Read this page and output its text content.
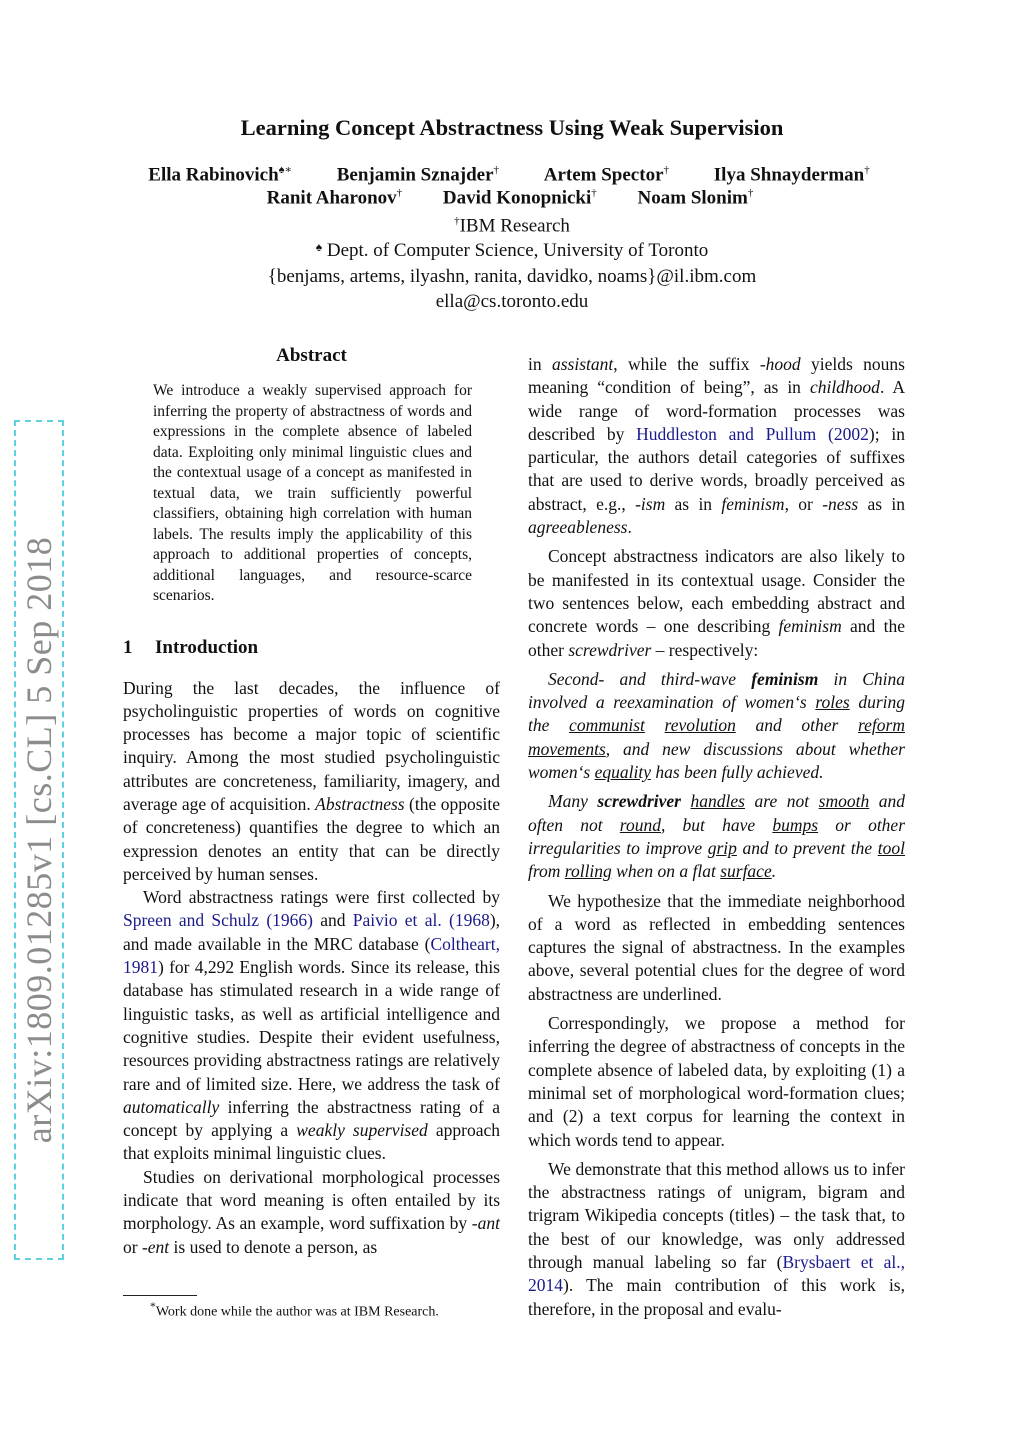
arXiv:1809.01285v1 [cs.CL] 5 Sep 2018
Learning Concept Abstractness Using Weak Supervision
Ella Rabinovich♠∗ Benjamin Sznajder† Artem Spector† Ilya Shnayderman†
Ranit Aharonov† David Konopnicki† Noam Slonim†
†IBM Research
♠ Dept. of Computer Science, University of Toronto
{benjams, artems, ilyashn, ranita, davidko, noams}@il.ibm.com
ella@cs.toronto.edu
Abstract

We introduce a weakly supervised approach for inferring the property of abstractness of words and expressions in the complete absence of labeled data. Exploiting only minimal linguistic clues and the contextual usage of a concept as manifested in textual data, we train sufficiently powerful classifiers, obtaining high correlation with human labels. The results imply the applicability of this approach to additional properties of concepts, additional languages, and resource-scarce scenarios.

1 Introduction

During the last decades, the influence of psycholinguistic properties of words on cognitive processes has become a major topic of scientific inquiry. Among the most studied psycholinguistic attributes are concreteness, familiarity, imagery, and average age of acquisition. Abstractness (the opposite of concreteness) quantifies the degree to which an expression denotes an entity that can be directly perceived by human senses.

Word abstractness ratings were first collected by Spreen and Schulz (1966) and Paivio et al. (1968), and made available in the MRC database (Coltheart, 1981) for 4,292 English words. Since its release, this database has stimulated research in a wide range of linguistic tasks, as well as artificial intelligence and cognitive studies. Despite their evident usefulness, resources providing abstractness ratings are relatively rare and of limited size. Here, we address the task of automatically inferring the abstractness rating of a concept by applying a weakly supervised approach that exploits minimal linguistic clues.

Studies on derivational morphological processes indicate that word meaning is often entailed by its morphology. As an example, word suffixation by -ant or -ent is used to denote a person, as

in assistant, while the suffix -hood yields nouns meaning “condition of being”, as in childhood. A wide range of word-formation processes was described by Huddleston and Pullum (2002); in particular, the authors detail categories of suffixes that are used to derive words, broadly perceived as abstract, e.g., -ism as in feminism, or -ness as in agreeableness.

Concept abstractness indicators are also likely to be manifested in its contextual usage. Consider the two sentences below, each embedding abstract and concrete words – one describing feminism and the other screwdriver – respectively:

Second- and third-wave feminism in China involved a reexamination of women‘s roles during the communist revolution and other reform movements, and new discussions about whether women‘s equality has been fully achieved.

Many screwdriver handles are not smooth and often not round, but have bumps or other irregularities to improve grip and to prevent the tool from rolling when on a flat surface.

We hypothesize that the immediate neighborhood of a word as reflected in embedding sentences captures the signal of abstractness. In the examples above, several potential clues for the degree of word abstractness are underlined.

Correspondingly, we propose a method for inferring the degree of abstractness of concepts in the complete absence of labeled data, by exploiting (1) a minimal set of morphological word-formation clues; and (2) a text corpus for learning the context in which words tend to appear.

We demonstrate that this method allows us to infer the abstractness ratings of unigram, bigram and trigram Wikipedia concepts (titles) – the task that, to the best of our knowledge, was only addressed through manual labeling so far (Brysbaert et al., 2014). The main contribution of this work is, therefore, in the proposal and evalu-

*Work done while the author was at IBM Research.
